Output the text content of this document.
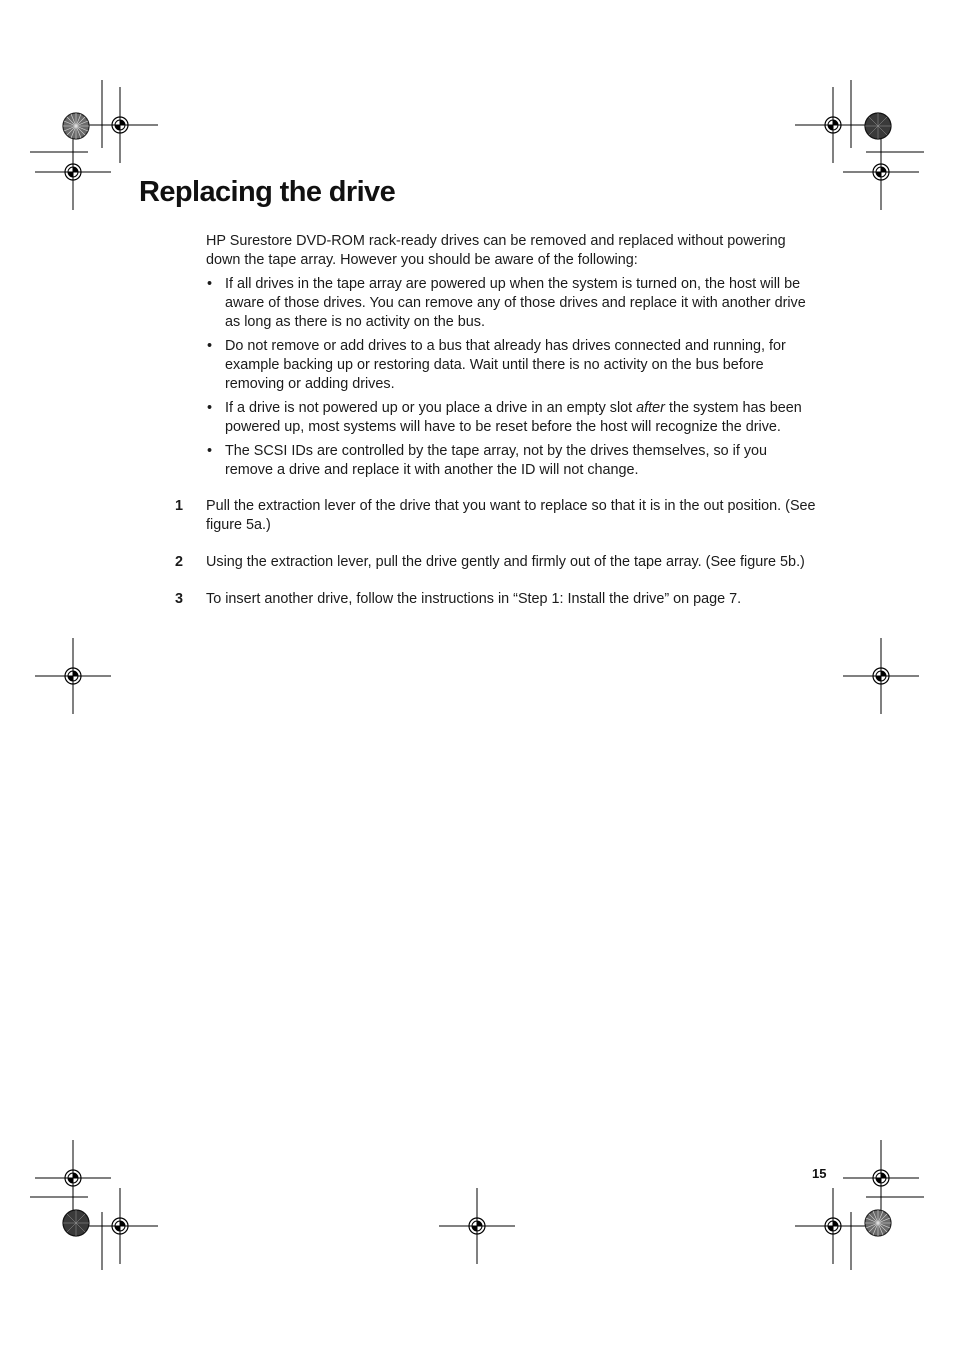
Replacing the drive

HP Surestore DVD-ROM rack-ready drives can be removed and replaced without powering down the tape array. However you should be aware of the following:

• If all drives in the tape array are powered up when the system is turned on, the host will be aware of those drives. You can remove any of those drives and replace it with another drive as long as there is no activity on the bus.
• Do not remove or add drives to a bus that already has drives connected and running, for example backing up or restoring data. Wait until there is no activity on the bus before removing or adding drives.
• If a drive is not powered up or you place a drive in an empty slot after the system has been powered up, most systems will have to be reset before the host will recognize the drive.
• The SCSI IDs are controlled by the tape array, not by the drives themselves, so if you remove a drive and replace it with another the ID will not change.
1 Pull the extraction lever of the drive that you want to replace so that it is in the out position. (See figure 5a.)
2 Using the extraction lever, pull the drive gently and firmly out of the tape array. (See figure 5b.)
3 To insert another drive, follow the instructions in “Step 1: Install the drive” on page 7.
15
